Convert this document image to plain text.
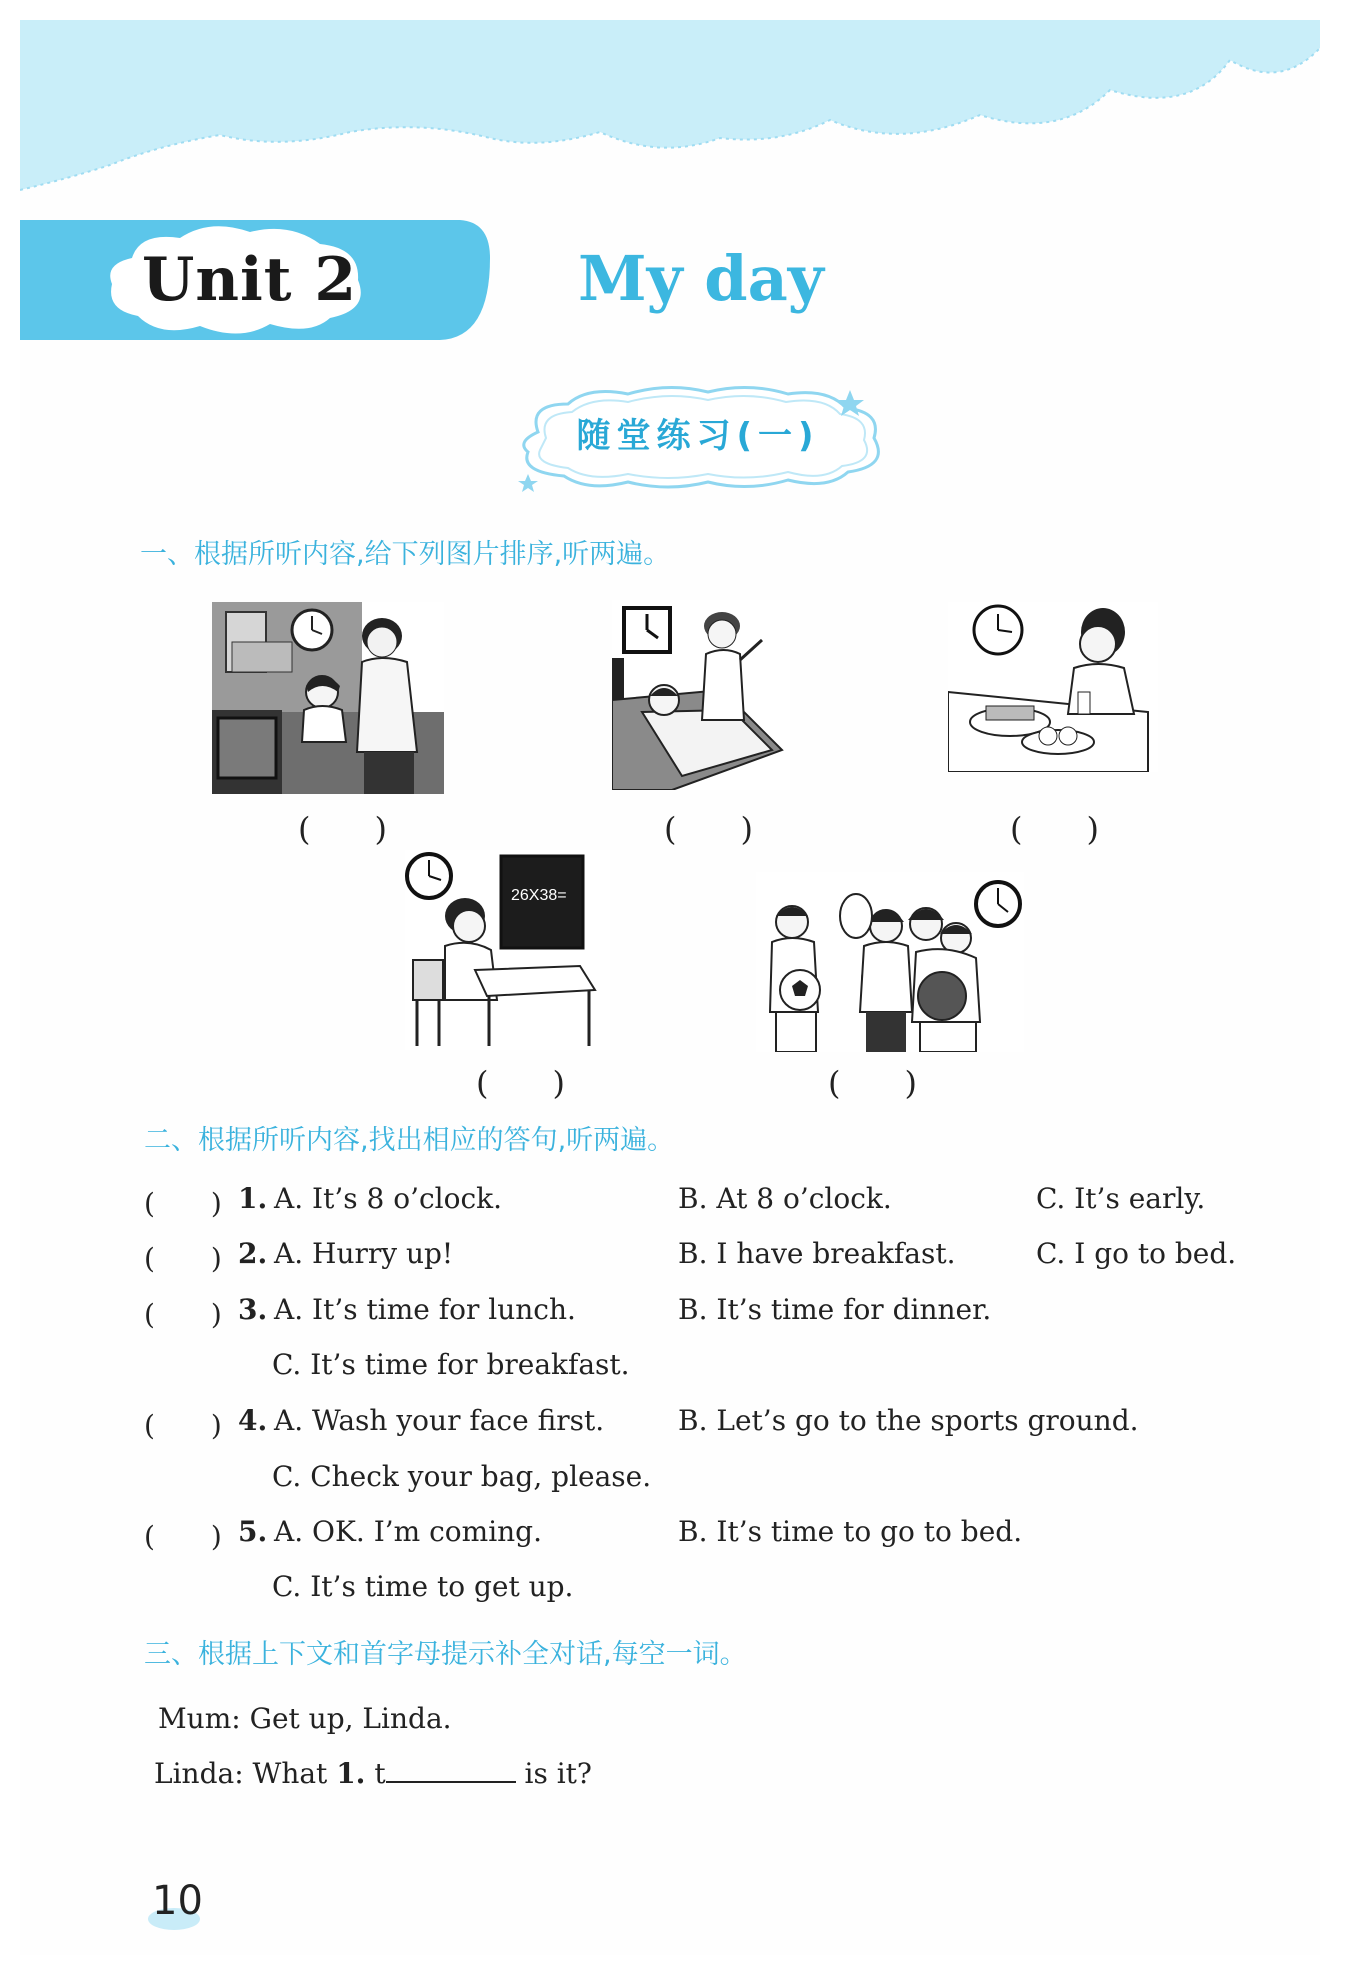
Unit 2	My day
随堂练习(一)
一、根据所听内容,给下列图片排序,听两遍。
(　　)	(　　)	(　　)
26X38=
(　　)	(　　)
二、根据所听内容,找出相应的答句,听两遍。
(　　) 1. A. It’s 8 o’clock.	B. At 8 o’clock.	C. It’s early.
(　　) 2. A. Hurry up!	B. I have breakfast.	C. I go to bed.
(　　) 3. A. It’s time for lunch.	B. It’s time for dinner.
C. It’s time for breakfast.
(　　) 4. A. Wash your face first.	B. Let’s go to the sports ground.
C. Check your bag, please.
(　　) 5. A. OK. I’m coming.	B. It’s time to go to bed.
C. It’s time to get up.
三、根据上下文和首字母提示补全对话,每空一词。
Mum: Get up, Linda.
Linda: What 1. t	is it?
10
